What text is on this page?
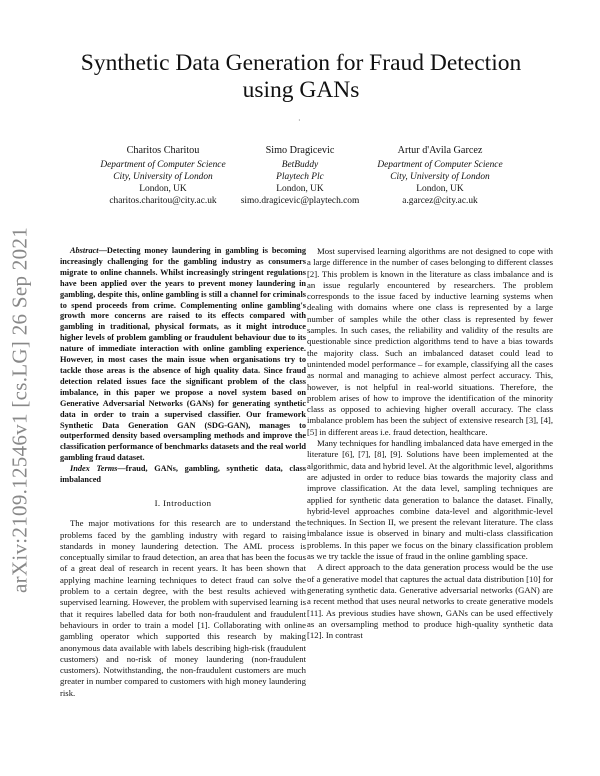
arXiv:2109.12546v1 [cs.LG] 26 Sep 2021
Synthetic Data Generation for Fraud Detection using GANs
·
Charitos Charitou
Department of Computer Science
City, University of London
London, UK
charitos.charitou@city.ac.uk
Simo Dragicevic
BetBuddy
Playtech Plc
London, UK
simo.dragicevic@playtech.com
Artur d'Avila Garcez
Department of Computer Science
City, University of London
London, UK
a.garcez@city.ac.uk

Abstract—Detecting money laundering in gambling is becoming increasingly challenging for the gambling industry as consumers migrate to online channels. Whilst increasingly stringent regulations have been applied over the years to prevent money laundering in gambling, despite this, online gambling is still a channel for criminals to spend proceeds from crime. Complementing online gambling's growth more concerns are raised to its effects compared with gambling in traditional, physical formats, as it might introduce higher levels of problem gambling or fraudulent behaviour due to its nature of immediate interaction with online gambling experience. However, in most cases the main issue when organisations try to tackle those areas is the absence of high quality data. Since fraud detection related issues face the significant problem of the class imbalance, in this paper we propose a novel system based on Generative Adversarial Networks (GANs) for generating synthetic data in order to train a supervised classifier. Our framework Synthetic Data Generation GAN (SDG-GAN), manages to outperformed density based oversampling methods and improve the classification performance of benchmarks datasets and the real world gambling fraud dataset.

Index Terms—fraud, GANs, gambling, synthetic data, class imbalanced

I. Introduction

The major motivations for this research are to understand the problems faced by the gambling industry with regard to raising standards in money laundering detection. The AML process is conceptually similar to fraud detection, an area that has been the focus of a great deal of research in recent years. It has been shown that applying machine learning techniques to detect fraud can solve the problem to a certain degree, with the best results achieved with supervised learning. However, the problem with supervised learning is that it requires labelled data for both non-fraudulent and fraudulent behaviours in order to train a model [1]. Collaborating with online gambling operator which supported this research by making anonymous data available with labels describing high-risk (fraudulent customers) and no-risk of money laundering (non-fraudulent customers). Notwithstanding, the non-fraudulent customers are much greater in number compared to customers with high money laundering risk.

Most supervised learning algorithms are not designed to cope with a large difference in the number of cases belonging to different classes [2]. This problem is known in the literature as class imbalance and is an issue regularly encountered by researchers. The problem corresponds to the issue faced by inductive learning systems when dealing with domains where one class is represented by a large number of samples while the other class is represented by fewer samples. In such cases, the reliability and validity of the results are questionable since prediction algorithms tend to have a bias towards the majority class. Such an imbalanced dataset could lead to unintended model performance – for example, classifying all the cases as normal and managing to achieve almost perfect accuracy. This, however, is not helpful in real-world situations. Therefore, the problem arises of how to improve the identification of the minority class as opposed to achieving higher overall accuracy. The class imbalance problem has been the subject of extensive research [3], [4], [5] in different areas i.e. fraud detection, healthcare.

Many techniques for handling imbalanced data have emerged in the literature [6], [7], [8], [9]. Solutions have been implemented at the algorithmic, data and hybrid level. At the algorithmic level, algorithms are adjusted in order to reduce bias towards the majority class and improve classification. At the data level, sampling techniques are applied for synthetic data generation to balance the dataset. Finally, hybrid-level approaches combine data-level and algorithmic-level techniques. In Section II, we present the relevant literature. The class imbalance issue is observed in binary and multi-class classification problems. In this paper we focus on the binary classification problem as we try tackle the issue of fraud in the online gambling space.

A direct approach to the data generation process would be the use of a generative model that captures the actual data distribution [10] for generating synthetic data. Generative adversarial networks (GAN) are a recent method that uses neural networks to create generative models [11]. As previous studies have shown, GANs can be used effectively as an oversampling method to produce high-quality synthetic data [12]. In contrast
